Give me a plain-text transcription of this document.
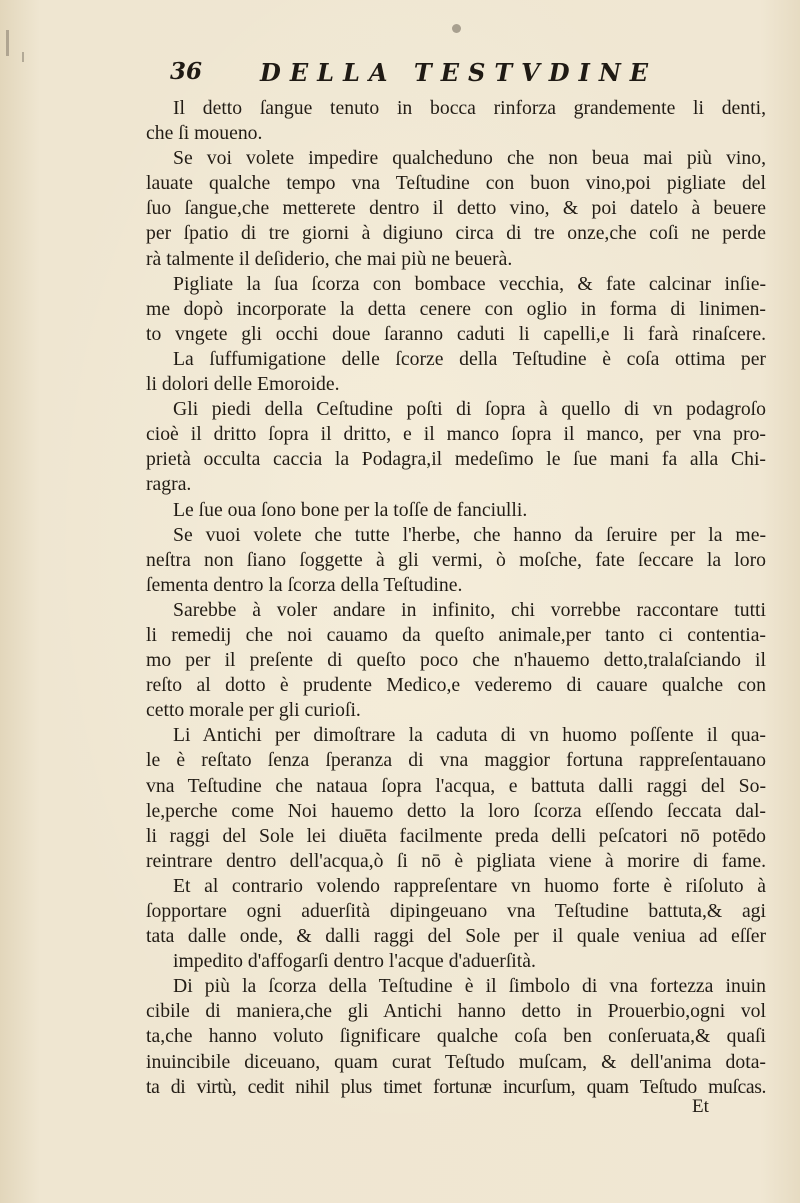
36 DELLA TESTVDINE
Il detto ſangue tenuto in bocca rinforza grandemente li denti,
che ſi moueno.
Se voi volete impedire qualcheduno che non beua mai più vino,
lauate qualche tempo vna Teſtudine con buon vino,poi pigliate del
ſuo ſangue,che metterete dentro il detto vino, & poi datelo à beuere
per ſpatio di tre giorni à digiuno circa di tre onze,che coſi ne perde
rà talmente il deſiderio, che mai più ne beuerà.
Pigliate la ſua ſcorza con bombace vecchia, & fate calcinar inſie-
me dopò incorporate la detta cenere con oglio in forma di linimen-
to vngete gli occhi doue ſaranno caduti li capelli,e li farà rinaſcere.
La ſuffumigatione delle ſcorze della Teſtudine è coſa ottima per
li dolori delle Emoroide.
Gli piedi della Ceſtudine poſti di ſopra à quello di vn podagroſo
cioè il dritto ſopra il dritto, e il manco ſopra il manco, per vna pro-
prietà occulta caccia la Podagra,il medeſimo le ſue mani fa alla Chi-
ragra.
Le ſue oua ſono bone per la toſſe de fanciulli.
Se vuoi volete che tutte l'herbe, che hanno da ſeruire per la me-
neſtra non ſiano ſoggette à gli vermi, ò moſche, fate ſeccare la loro
ſementa dentro la ſcorza della Teſtudine.
Sarebbe à voler andare in infinito, chi vorrebbe raccontare tutti
li remedij che noi cauamo da queſto animale,per tanto ci contentia-
mo per il preſente di queſto poco che n'hauemo detto,tralaſciando il
reſto al dotto è prudente Medico,e vederemo di cauare qualche con
cetto morale per gli curioſi.
Li Antichi per dimoſtrare la caduta di vn huomo poſſente il qua-
le è reſtato ſenza ſperanza di vna maggior fortuna rappreſentauano
vna Teſtudine che nataua ſopra l'acqua, e battuta dalli raggi del So-
le,perche come Noi hauemo detto la loro ſcorza eſſendo ſeccata dal-
li raggi del Sole lei diuēta facilmente preda delli peſcatori nō potēdo
reintrare dentro dell'acqua,ò ſi nō è pigliata viene à morire di fame.
Et al contrario volendo rappreſentare vn huomo forte è riſoluto à
ſopportare ogni aduerſità dipingeuano vna Teſtudine battuta,& agi
tata dalle onde, & dalli raggi del Sole per il quale veniua ad eſſer
impedito d'affogarſi dentro l'acque d'aduerſità.
Di più la ſcorza della Teſtudine è il ſimbolo di vna fortezza inuin
cibile di maniera,che gli Antichi hanno detto in Prouerbio,ogni vol
ta,che hanno voluto ſignificare qualche coſa ben conſeruata,& quaſi
inuincibile diceuano, quam curat Teſtudo muſcam, & dell'anima dota-
ta di virtù, cedit nihil plus timet fortunæ incurſum, quam Teſtudo muſcas.
Et
